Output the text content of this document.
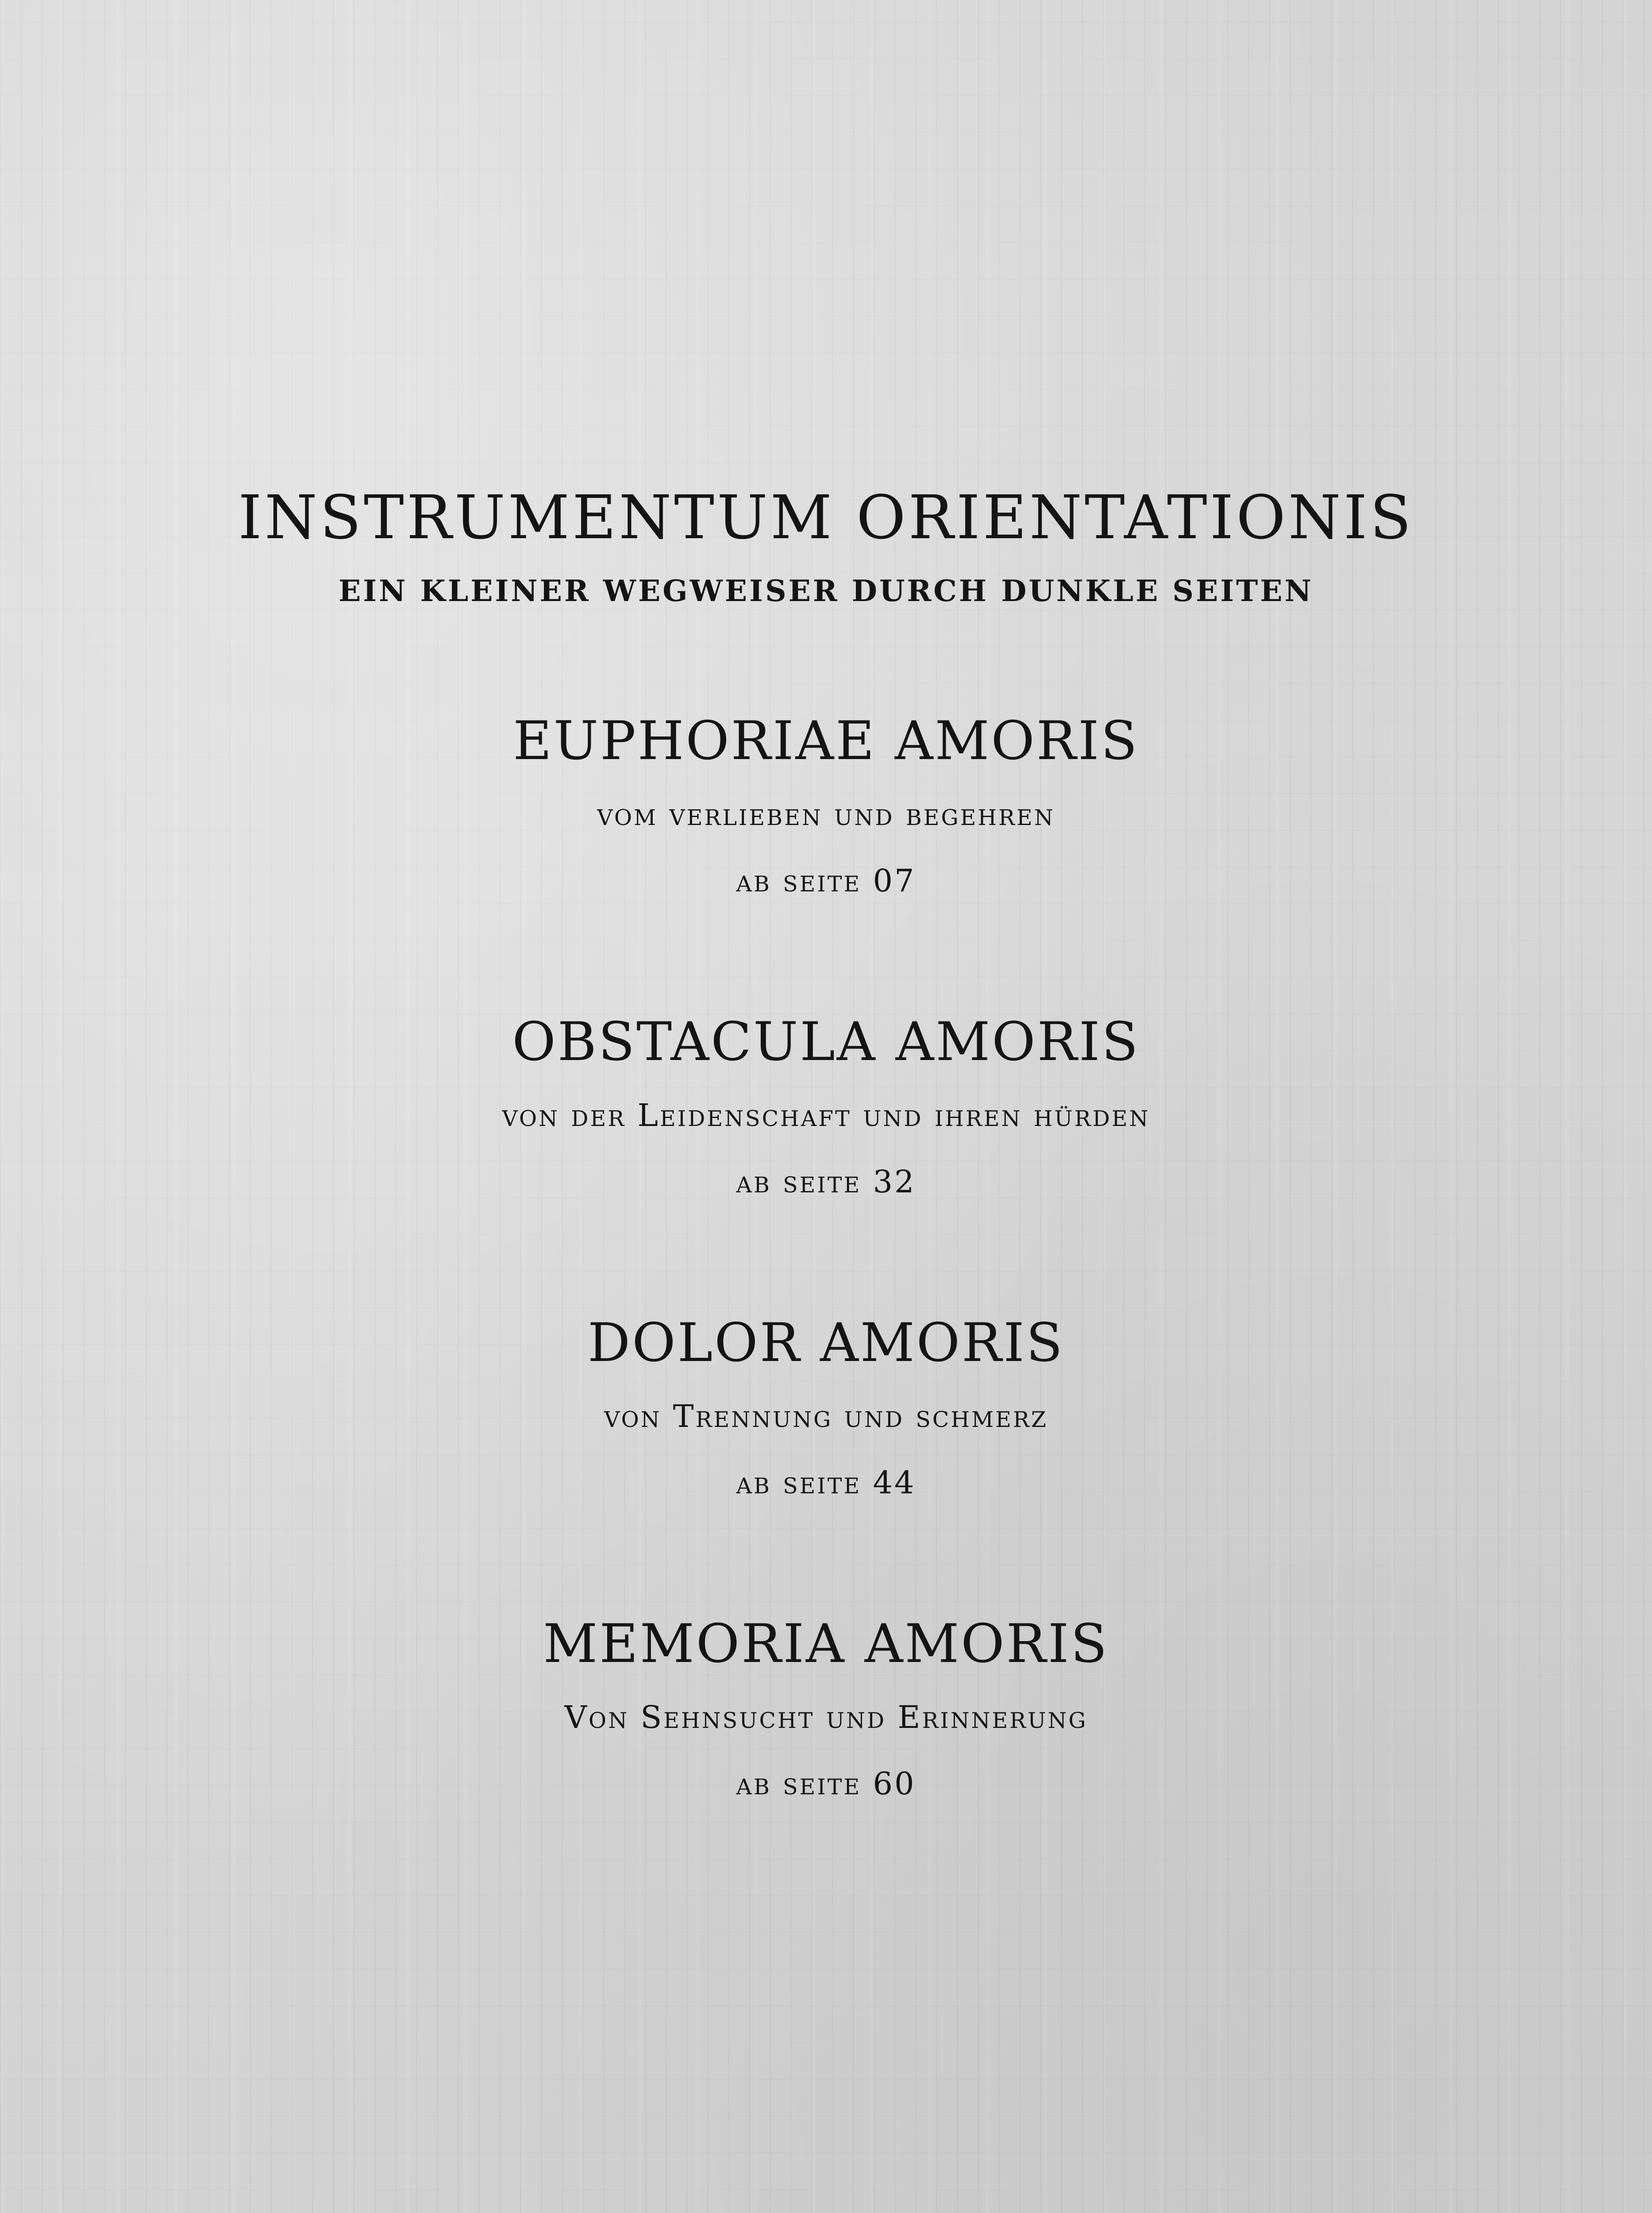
INSTRUMENTUM ORIENTATIONIS
EIN KLEINER WEGWEISER DURCH DUNKLE SEITEN
EUPHORIAE AMORIS
vom verlieben und begehren
ab seite 07
OBSTACULA AMORIS
von der Leidenschaft und ihren hürden
ab seite 32
DOLOR AMORIS
von Trennung und schmerz
ab seite 44
MEMORIA AMORIS
Von Sehnsucht und Erinnerung
ab seite 60
